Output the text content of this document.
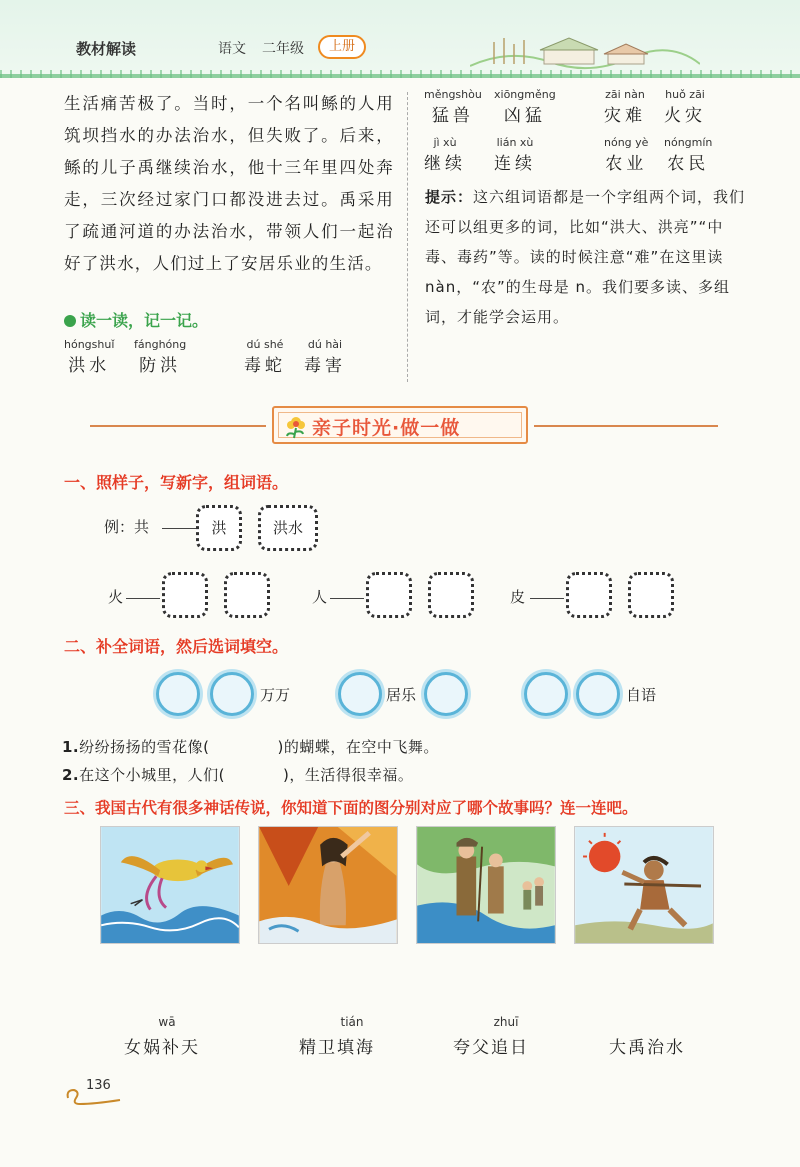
教材解读	语文 二年级	上册
生活痛苦极了。当时，一个名叫鲧的人用筑坝挡水的办法治水，但失败了。后来，鲧的儿子禹继续治水，他十三年里四处奔走，三次经过家门口都没进去过。禹采用了疏通河道的办法治水，带领人们一起治好了洪水，人们过上了安居乐业的生活。
读一读，记一记。
hóngshuǐ
洪水
fánghóng
防洪
dú shé
毒蛇
dú hài
毒害
měngshòu
猛兽
xiōngměng
凶猛
zāi nàn
灾难
huǒ zāi
火灾
jì xù
继续
lián xù
连续
nóng yè
农业
nóngmín
农民
提示：这六组词语都是一个字组两个词，我们还可以组更多的词，比如“洪大、洪亮”“中毒、毒药”等。读的时候注意“难”在这里读 nàn，“农”的生母是 n。我们要多读、多组词，才能学会运用。
亲子时光·做一做
一、照样子，写新字，组词语。
例：共	洪	洪水
火	人	皮
二、补全词语，然后选词填空。
万万	居乐	自语
1.纷纷扬扬的雪花像(	)的蝴蝶，在空中飞舞。
2.在这个小城里，人们(	)，生活得很幸福。
三、我国古代有很多神话传说，你知道下面的图分别对应了哪个故事吗？连一连吧。
wā
女娲补天
tián
精卫填海
zhuī
夸父追日	大禹治水
136
